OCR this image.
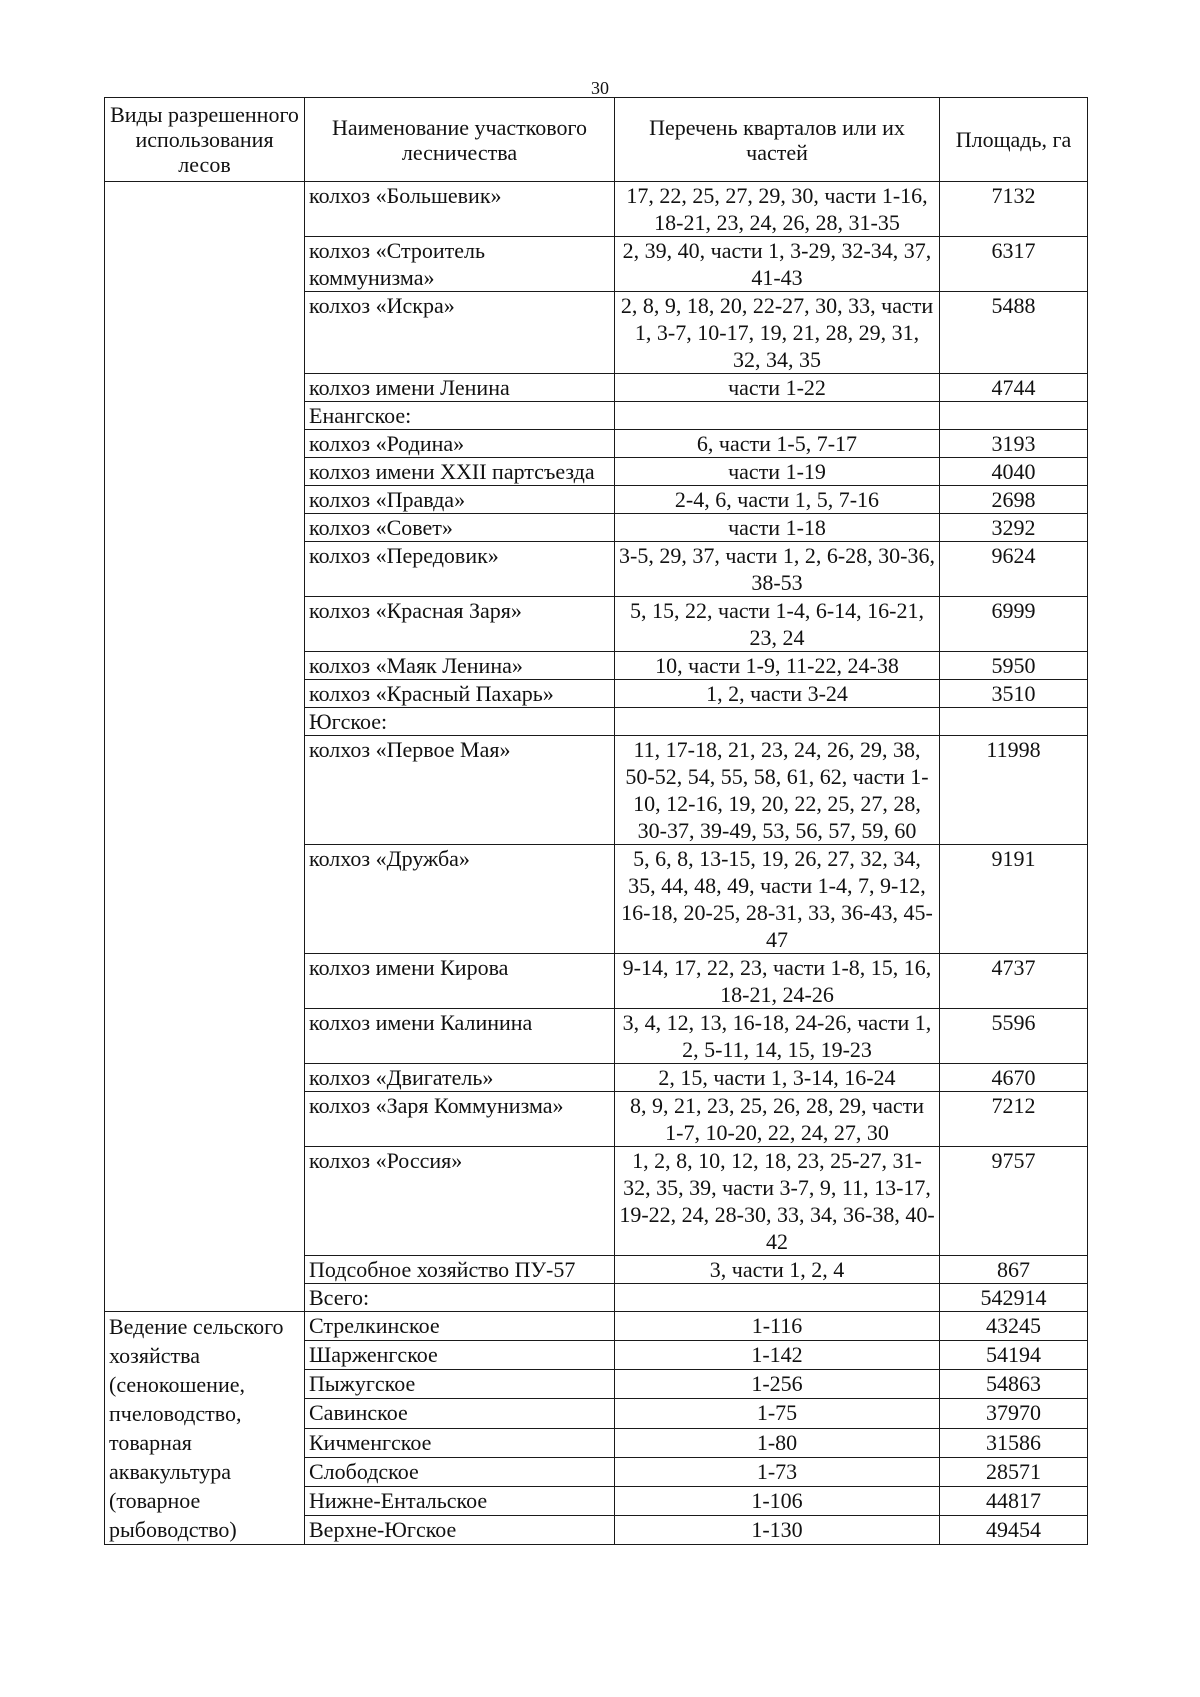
30
Виды разрешенного использования лесов	Наименование участкового лесничества	Перечень кварталов или их частей	Площадь, га
	колхоз «Большевик»	17, 22, 25, 27, 29, 30, части 1-16, 18-21, 23, 24, 26, 28, 31-35	7132
	колхоз «Строитель коммунизма»	2, 39, 40, части 1, 3-29, 32-34, 37, 41-43	6317
	колхоз «Искра»	2, 8, 9, 18, 20, 22-27, 30, 33, части 1, 3-7, 10-17, 19, 21, 28, 29, 31, 32, 34, 35	5488
	колхоз имени Ленина	части 1-22	4744
	Енангское:		
	колхоз «Родина»	6, части 1-5, 7-17	3193
	колхоз имени XXII партсъезда	части 1-19	4040
	колхоз «Правда»	2-4, 6, части 1, 5, 7-16	2698
	колхоз «Совет»	части 1-18	3292
	колхоз «Передовик»	3-5, 29, 37, части 1, 2, 6-28, 30-36, 38-53	9624
	колхоз «Красная Заря»	5, 15, 22, части 1-4, 6-14, 16-21, 23, 24	6999
	колхоз «Маяк Ленина»	10, части 1-9, 11-22, 24-38	5950
	колхоз «Красный Пахарь»	1, 2, части 3-24	3510
	Югское:		
	колхоз «Первое Мая»	11, 17-18, 21, 23, 24, 26, 29, 38, 50-52, 54, 55, 58, 61, 62, части 1-10, 12-16, 19, 20, 22, 25, 27, 28, 30-37, 39-49, 53, 56, 57, 59, 60	11998
	колхоз «Дружба»	5, 6, 8, 13-15, 19, 26, 27, 32, 34, 35, 44, 48, 49, части 1-4, 7, 9-12, 16-18, 20-25, 28-31, 33, 36-43, 45-47	9191
	колхоз имени Кирова	9-14, 17, 22, 23, части 1-8, 15, 16, 18-21, 24-26	4737
	колхоз имени Калинина	3, 4, 12, 13, 16-18, 24-26, части 1, 2, 5-11, 14, 15, 19-23	5596
	колхоз «Двигатель»	2, 15, части 1, 3-14, 16-24	4670
	колхоз «Заря Коммунизма»	8, 9, 21, 23, 25, 26, 28, 29, части 1-7, 10-20, 22, 24, 27, 30	7212
	колхоз «Россия»	1, 2, 8, 10, 12, 18, 23, 25-27, 31-32, 35, 39, части 3-7, 9, 11, 13-17, 19-22, 24, 28-30, 33, 34, 36-38, 40-42	9757
	Подсобное хозяйство ПУ-57	3, части 1, 2, 4	867
	Всего:		542914
Ведение сельского хозяйства (сенокошение, пчеловодство, товарная аквакультура (товарное рыбоводство)	Стрелкинское	1-116	43245
	Шарженгское	1-142	54194
	Пыжугское	1-256	54863
	Савинское	1-75	37970
	Кичменгское	1-80	31586
	Слободское	1-73	28571
	Нижне-Ентальское	1-106	44817
	Верхне-Югское	1-130	49454
